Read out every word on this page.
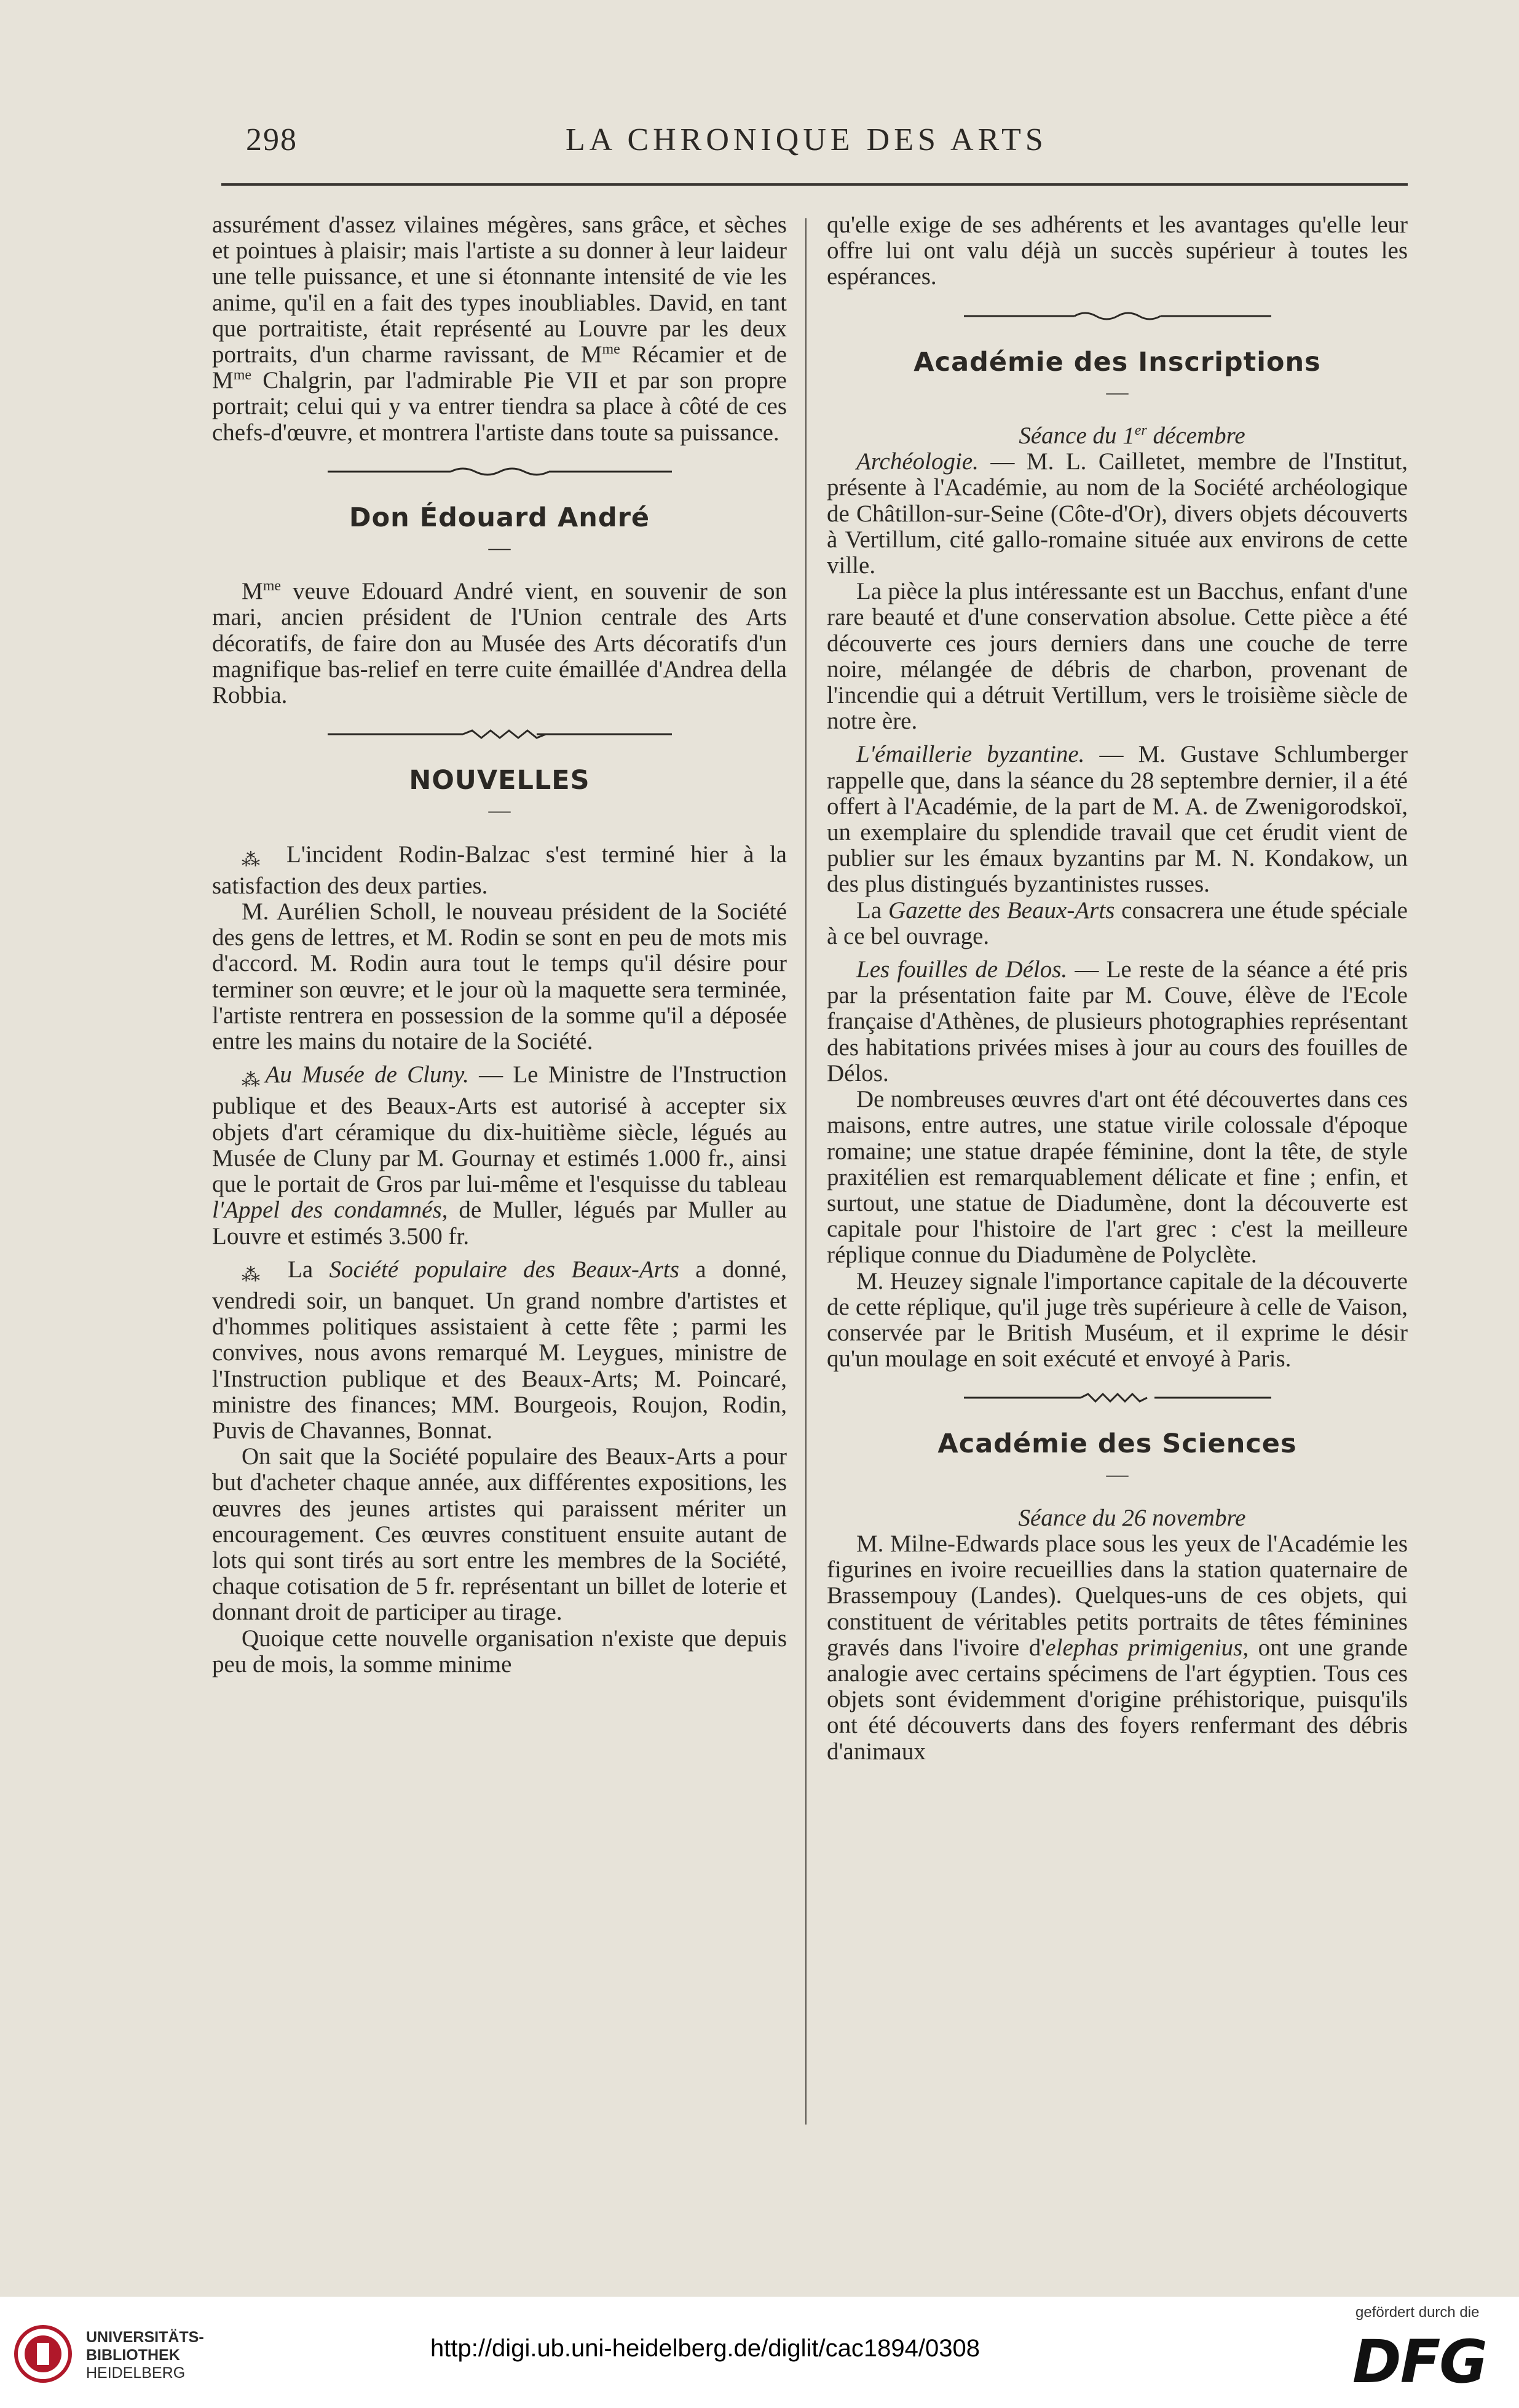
298	LA CHRONIQUE DES ARTS

assurément d'assez vilaines mégères, sans grâce, et sèches et pointues à plaisir; mais l'artiste a su donner à leur laideur une telle puissance, et une si étonnante intensité de vie les anime, qu'il en a fait des types inoubliables. David, en tant que portraitiste, était représenté au Louvre par les deux portraits, d'un charme ravissant, de $M^{me}$ Récamier et de $M^{me}$ Chalgrin, par l'admirable Pie VII et par son propre portrait; celui qui y va entrer tiendra sa place à côté de ces chefs-d'œuvre, et montrera l'artiste dans toute sa puissance.

Don Édouard André
—

$M^{me}$ veuve Edouard André vient, en souvenir de son mari, ancien président de l'Union centrale des Arts décoratifs, de faire don au Musée des Arts décoratifs d'un magnifique bas-relief en terre cuite émaillée d'Andrea della Robbia.

NOUVELLES
—

⁂ L'incident Rodin-Balzac s'est terminé hier à la satisfaction des deux parties.

M. Aurélien Scholl, le nouveau président de la Société des gens de lettres, et M. Rodin se sont en peu de mots mis d'accord. M. Rodin aura tout le temps qu'il désire pour terminer son œuvre; et le jour où la maquette sera terminée, l'artiste rentrera en possession de la somme qu'il a déposée entre les mains du notaire de la Société.

⁂ Au Musée de Cluny. — Le Ministre de l'Instruction publique et des Beaux-Arts est autorisé à accepter six objets d'art céramique du dix-huitième siècle, légués au Musée de Cluny par M. Gournay et estimés 1.000 fr., ainsi que le portait de Gros par lui-même et l'esquisse du tableau l'Appel des condamnés, de Muller, légués par Muller au Louvre et estimés 3.500 fr.

⁂ La Société populaire des Beaux-Arts a donné, vendredi soir, un banquet. Un grand nombre d'artistes et d'hommes politiques assistaient à cette fête ; parmi les convives, nous avons remarqué M. Leygues, ministre de l'Instruction publique et des Beaux-Arts; M. Poincaré, ministre des finances; MM. Bourgeois, Roujon, Rodin, Puvis de Chavannes, Bonnat.

On sait que la Société populaire des Beaux-Arts a pour but d'acheter chaque année, aux différentes expositions, les œuvres des jeunes artistes qui paraissent mériter un encouragement. Ces œuvres constituent ensuite autant de lots qui sont tirés au sort entre les membres de la Société, chaque cotisation de 5 fr. représentant un billet de loterie et donnant droit de participer au tirage.

Quoique cette nouvelle organisation n'existe que depuis peu de mois, la somme minime

qu'elle exige de ses adhérents et les avantages qu'elle leur offre lui ont valu déjà un succès supérieur à toutes les espérances.

Académie des Inscriptions
—

Séance du 1er décembre

Archéologie. — M. L. Cailletet, membre de l'Institut, présente à l'Académie, au nom de la Société archéologique de Châtillon-sur-Seine (Côte-d'Or), divers objets découverts à Vertillum, cité gallo-romaine située aux environs de cette ville.

La pièce la plus intéressante est un Bacchus, enfant d'une rare beauté et d'une conservation absolue. Cette pièce a été découverte ces jours derniers dans une couche de terre noire, mélangée de débris de charbon, provenant de l'incendie qui a détruit Vertillum, vers le troisième siècle de notre ère.

L'émaillerie byzantine. — M. Gustave Schlumberger rappelle que, dans la séance du 28 septembre dernier, il a été offert à l'Académie, de la part de M. A. de Zwenigorodskoï, un exemplaire du splendide travail que cet érudit vient de publier sur les émaux byzantins par M. N. Kondakow, un des plus distingués byzantinistes russes.

La Gazette des Beaux-Arts consacrera une étude spéciale à ce bel ouvrage.

Les fouilles de Délos. — Le reste de la séance a été pris par la présentation faite par M. Couve, élève de l'Ecole française d'Athènes, de plusieurs photographies représentant des habitations privées mises à jour au cours des fouilles de Délos.

De nombreuses œuvres d'art ont été découvertes dans ces maisons, entre autres, une statue virile colossale d'époque romaine; une statue drapée féminine, dont la tête, de style praxitélien est remarquablement délicate et fine ; enfin, et surtout, une statue de Diadumène, dont la découverte est capitale pour l'histoire de l'art grec : c'est la meilleure réplique connue du Diadumène de Polyclète.

M. Heuzey signale l'importance capitale de la découverte de cette réplique, qu'il juge très supérieure à celle de Vaison, conservée par le British Muséum, et il exprime le désir qu'un moulage en soit exécuté et envoyé à Paris.

Académie des Sciences
—

Séance du 26 novembre

M. Milne-Edwards place sous les yeux de l'Académie les figurines en ivoire recueillies dans la station quaternaire de Brassempouy (Landes). Quelques-uns de ces objets, qui constituent de véritables petits portraits de têtes féminines gravés dans l'ivoire d'elephas primigenius, ont une grande analogie avec certains spécimens de l'art égyptien. Tous ces objets sont évidemment d'origine préhistorique, puisqu'ils ont été découverts dans des foyers renfermant des débris d'animaux

UNIVERSITÄTS-
BIBLIOTHEK
HEIDELBERG
http://digi.ub.uni-heidelberg.de/diglit/cac1894/0308
gefördert durch die
DFG
